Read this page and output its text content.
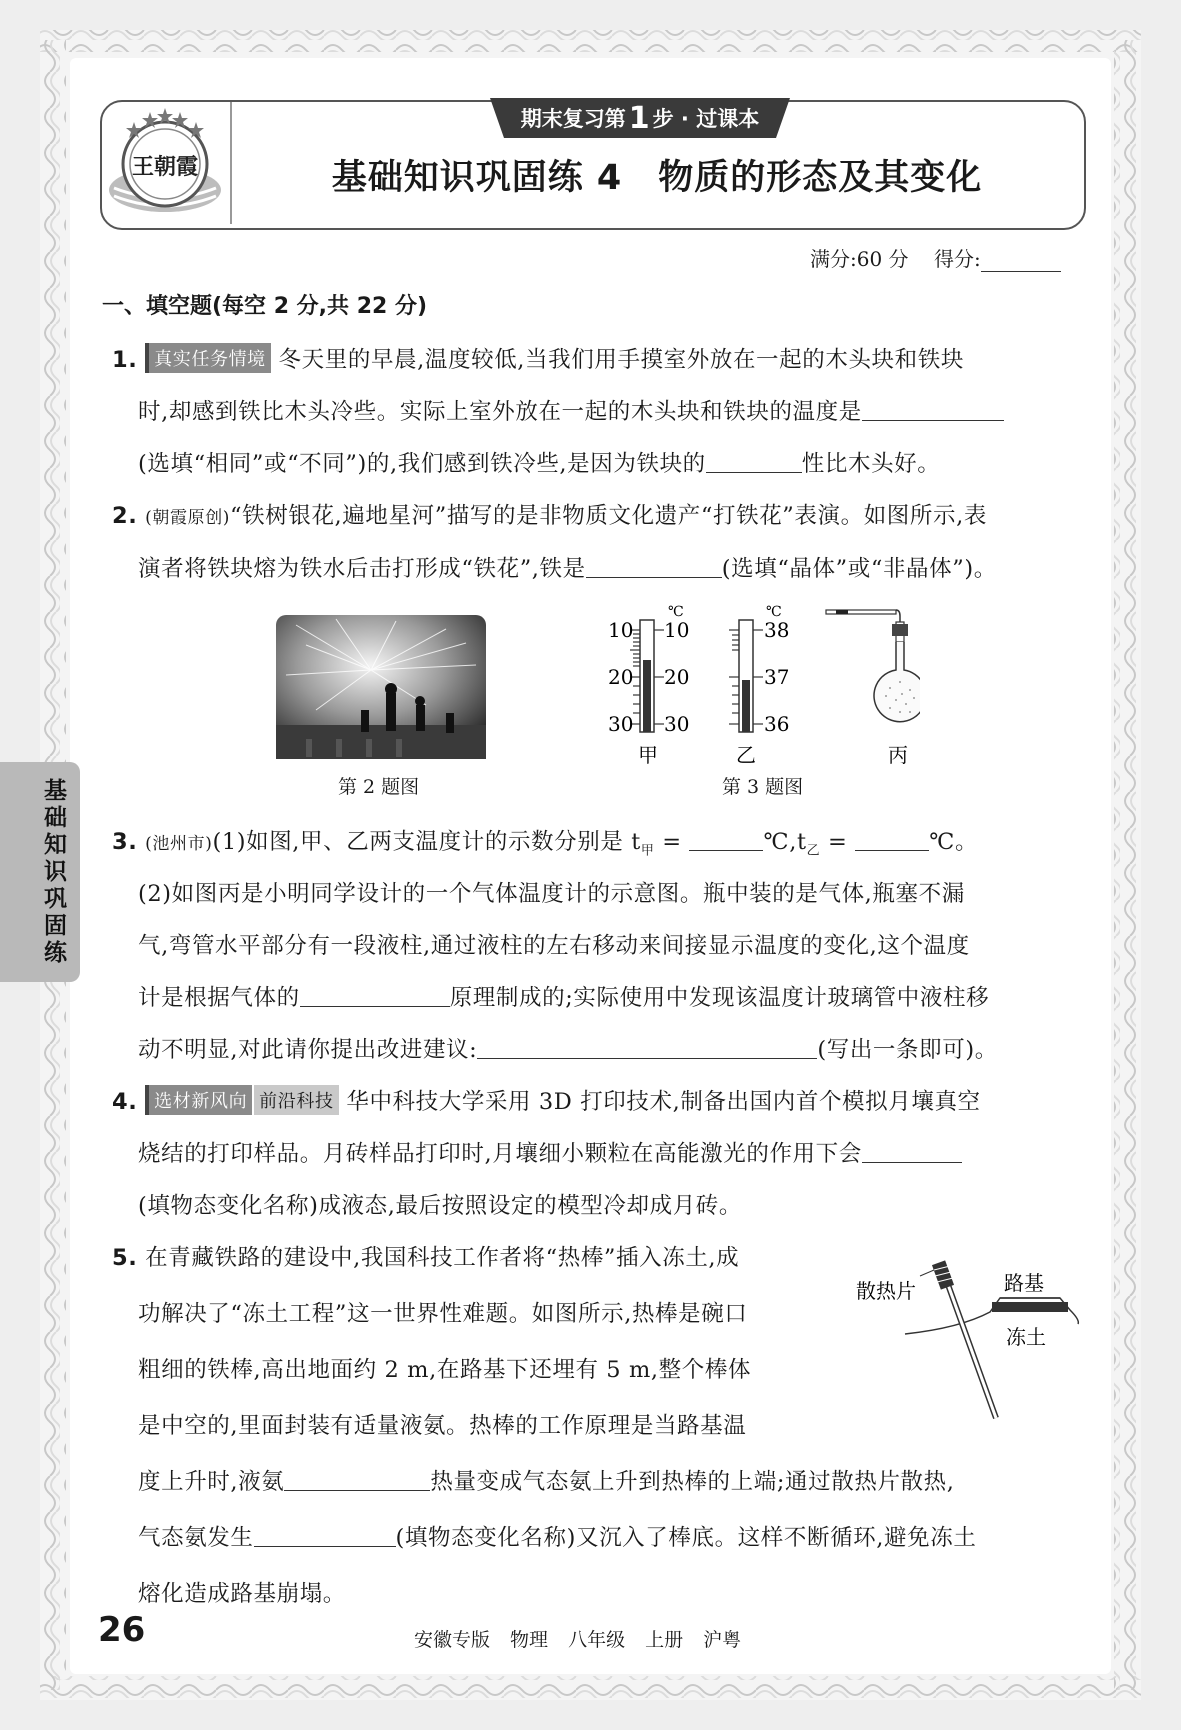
王朝霞
期末复习第 1 步 · 过课本
基础知识巩固练 4　物质的形态及其变化
满分:60 分 得分:
一、填空题(每空 2 分,共 22 分)
1. 真实任务情境 冬天里的早晨,温度较低,当我们用手摸室外放在一起的木头块和铁块
时,却感到铁比木头冷些。实际上室外放在一起的木头块和铁块的温度是
(选填“相同”或“不同”)的,我们感到铁冷些,是因为铁块的	性比木头好。
2. (朝霞原创)“铁树银花,遍地星河”描写的是非物质文化遗产“打铁花”表演。如图所示,表
演者将铁块熔为铁水后击打形成“铁花”,铁是	(选填“晶体”或“非晶体”)。
第 2 题图
10
20
30
10
20
30
℃
甲
38
37
36
℃
乙	丙
第 3 题图
3. (池州市)(1)如图,甲、乙两支温度计的示数分别是 $t_甲$ =	$℃,t_乙$ =	℃。
(2)如图丙是小明同学设计的一个气体温度计的示意图。瓶中装的是气体,瓶塞不漏
气,弯管水平部分有一段液柱,通过液柱的左右移动来间接显示温度的变化,这个温度
计是根据气体的	原理制成的;实际使用中发现该温度计玻璃管中液柱移
动不明显,对此请你提出改进建议:	(写出一条即可)。
4. 选材新风向 前沿科技 华中科技大学采用 3D 打印技术,制备出国内首个模拟月壤真空
烧结的打印样品。月砖样品打印时,月壤细小颗粒在高能激光的作用下会
(填物态变化名称)成液态,最后按照设定的模型冷却成月砖。
5. 在青藏铁路的建设中,我国科技工作者将“热棒”插入冻土,成
功解决了“冻土工程”这一世界性难题。如图所示,热棒是碗口
粗细的铁棒,高出地面约 2 m,在路基下还埋有 5 m,整个棒体
是中空的,里面封装有适量液氨。热棒的工作原理是当路基温
度上升时,液氨	热量变成气态氨上升到热棒的上端;通过散热片散热,
气态氨发生	(填物态变化名称)又沉入了棒底。这样不断循环,避免冻土
熔化造成路基崩塌。
路基
散热片
冻土
基础知识巩固练
26	安徽专版 物理 八年级 上册 沪粤
